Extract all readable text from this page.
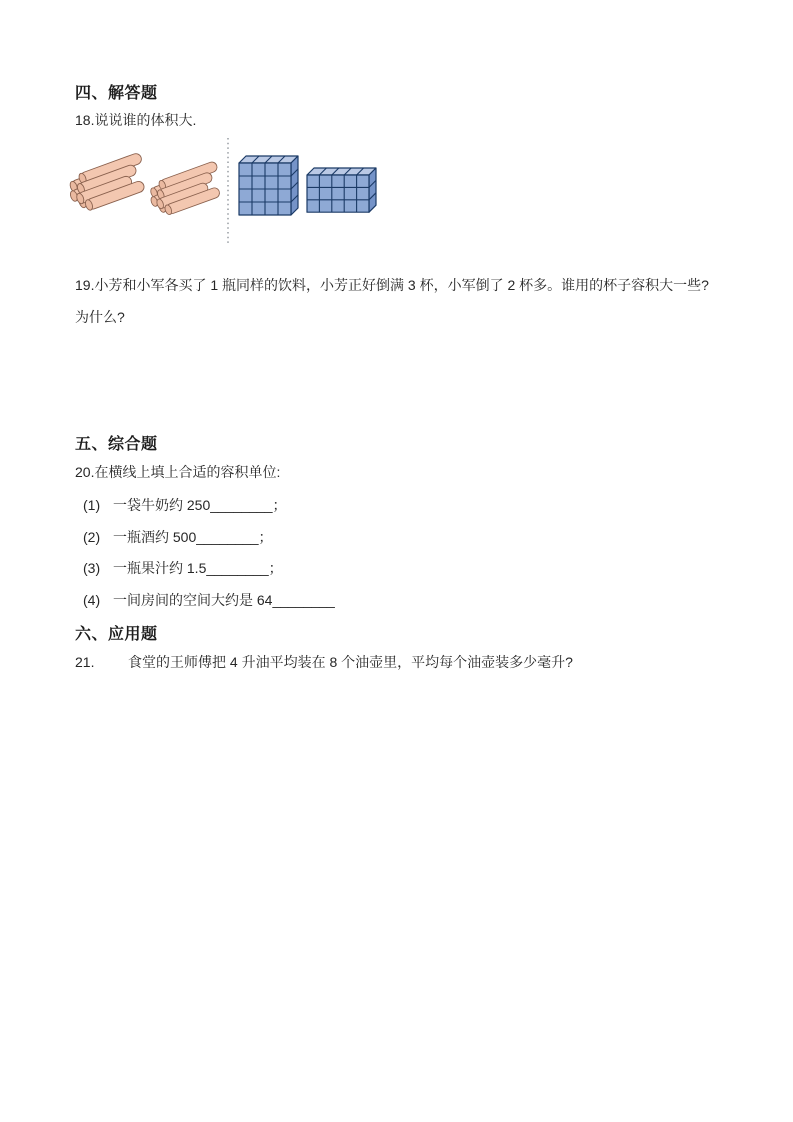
四、解答题
18.说说谁的体积大.
19.小芳和小军各买了 1 瓶同样的饮料，小芳正好倒满 3 杯，小军倒了 2 杯多。谁用的杯子容积大一些?
为什么?
五、综合题
20.在横线上填上合适的容积单位:
(1) 一袋牛奶约 250________；
(2) 一瓶酒约 500________；
(3) 一瓶果汁约 1.5________；
(4) 一间房间的空间大约是 64________
六、应用题
21. 食堂的王师傅把 4 升油平均装在 8 个油壶里，平均每个油壶装多少毫升?
